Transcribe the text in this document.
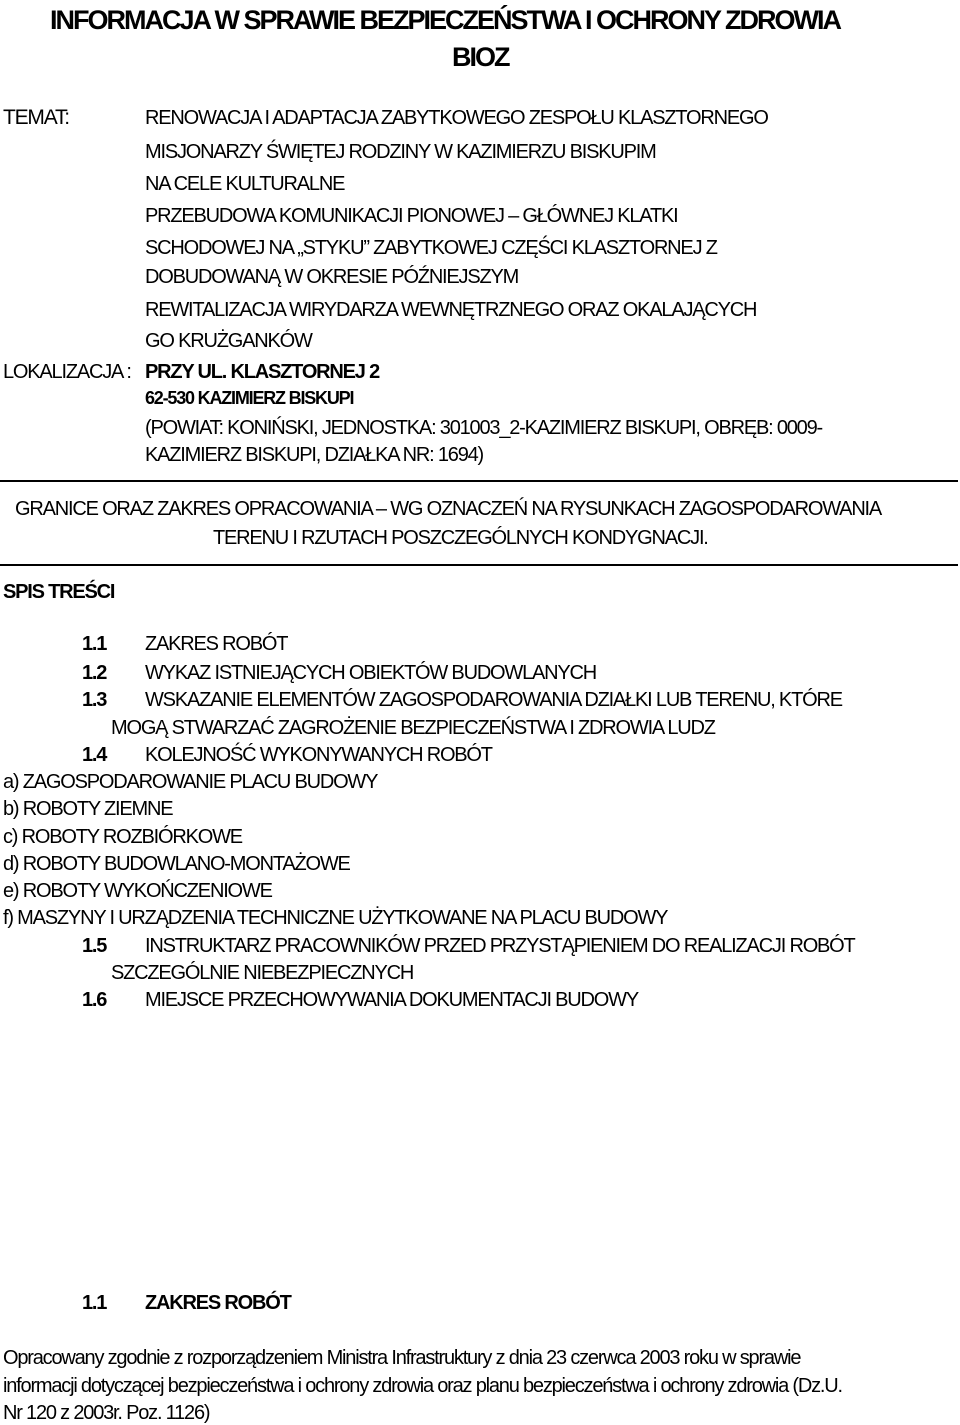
INFORMACJA W SPRAWIE BEZPIECZEŃSTWA I OCHRONY ZDROWIA
BIOZ
TEMAT:	RENOWACJA I ADAPTACJA ZABYTKOWEGO ZESPOŁU KLASZTORNEGO
MISJONARZY ŚWIĘTEJ RODZINY W KAZIMIERZU BISKUPIM
NA CELE KULTURALNE
PRZEBUDOWA KOMUNIKACJI PIONOWEJ – GŁÓWNEJ KLATKI
SCHODOWEJ NA „STYKU” ZABYTKOWEJ CZĘŚCI KLASZTORNEJ Z
DOBUDOWANĄ W OKRESIE PÓŹNIEJSZYM
REWITALIZACJA WIRYDARZA WEWNĘTRZNEGO ORAZ OKALAJĄCYCH
GO KRUŻGANKÓW
LOKALIZACJA : PRZY UL. KLASZTORNEJ 2
62-530 KAZIMIERZ BISKUPI
(POWIAT: KONIŃSKI, JEDNOSTKA: 301003_2-KAZIMIERZ BISKUPI, OBRĘB: 0009-
KAZIMIERZ BISKUPI, DZIAŁKA NR: 1694)
GRANICE ORAZ ZAKRES OPRACOWANIA – WG OZNACZEŃ NA RYSUNKACH ZAGOSPODAROWANIA
TERENU I RZUTACH POSZCZEGÓLNYCH KONDYGNACJI.
SPIS TREŚCI
1.1 ZAKRES ROBÓT
1.2 WYKAZ ISTNIEJĄCYCH OBIEKTÓW BUDOWLANYCH
1.3 WSKAZANIE ELEMENTÓW ZAGOSPODAROWANIA DZIAŁKI LUB TERENU, KTÓRE
MOGĄ STWARZAĆ ZAGROŻENIE BEZPIECZEŃSTWA I ZDROWIA LUDZ
1.4 KOLEJNOŚĆ WYKONYWANYCH ROBÓT
a) ZAGOSPODAROWANIE PLACU BUDOWY
b) ROBOTY ZIEMNE
c) ROBOTY ROZBIÓRKOWE
d) ROBOTY BUDOWLANO-MONTAŻOWE
e) ROBOTY WYKOŃCZENIOWE
f) MASZYNY I URZĄDZENIA TECHNICZNE UŻYTKOWANE NA PLACU BUDOWY
1.5 INSTRUKTARZ PRACOWNIKÓW PRZED PRZYSTĄPIENIEM DO REALIZACJI ROBÓT
SZCZEGÓLNIE NIEBEZPIECZNYCH
1.6 MIEJSCE PRZECHOWYWANIA DOKUMENTACJI BUDOWY
1.1 ZAKRES ROBÓT
Opracowany zgodnie z rozporządzeniem Ministra Infrastruktury z dnia 23 czerwca 2003 roku w sprawie
informacji dotyczącej bezpieczeństwa i ochrony zdrowia oraz planu bezpieczeństwa i ochrony zdrowia (Dz.U.
Nr 120 z 2003r. Poz. 1126)
